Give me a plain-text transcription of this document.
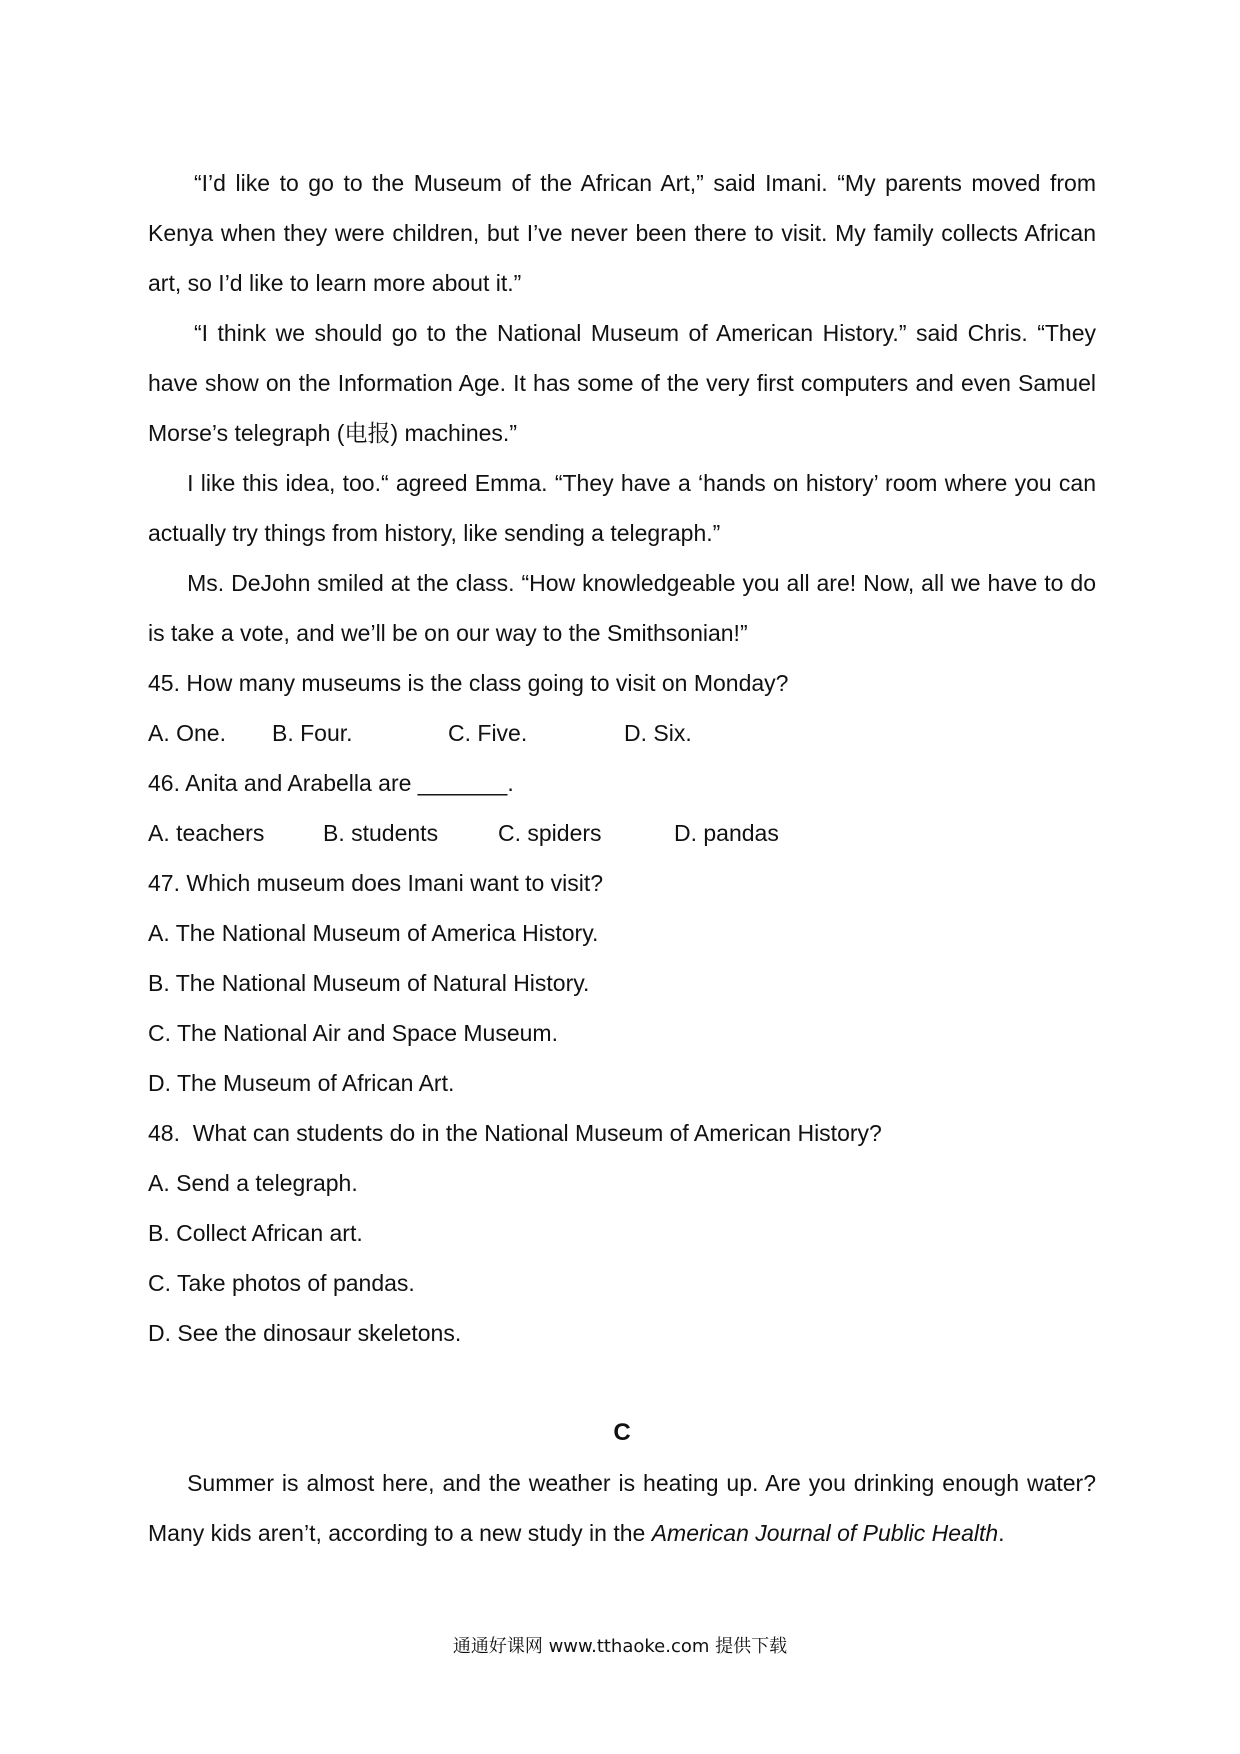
“I’d like to go to the Museum of the African Art,” said Imani. “My parents moved from Kenya when they were children, but I’ve never been there to visit. My family collects African art, so I’d like to learn more about it.”

“I think we should go to the National Museum of American History.” said Chris. “They have show on the Information Age. It has some of the very first computers and even Samuel Morse’s telegraph (电报) machines.”

I like this idea, too.“ agreed Emma. “They have a ‘hands on history’ room where you can actually try things from history, like sending a telegraph.”

Ms. DeJohn smiled at the class. “How knowledgeable you all are! Now, all we have to do is take a vote, and we’ll be on our way to the Smithsonian!”

45. How many museums is the class going to visit on Monday?

A. One.	B. Four.	C. Five.	D. Six.

46. Anita and Arabella are _______.

A. teachers	B. students	C. spiders	D. pandas

47. Which museum does Imani want to visit?

A. The National Museum of America History.

B. The National Museum of Natural History.

C. The National Air and Space Museum.

D. The Museum of African Art.

48.  What can students do in the National Museum of American History?

A. Send a telegraph.

B. Collect African art.

C. Take photos of pandas.

D. See the dinosaur skeletons.

C

Summer is almost here, and the weather is heating up. Are you drinking enough water? Many kids aren’t, according to a new study in the American Journal of Public Health.

通通好课网 www.tthaoke.com 提供下载
